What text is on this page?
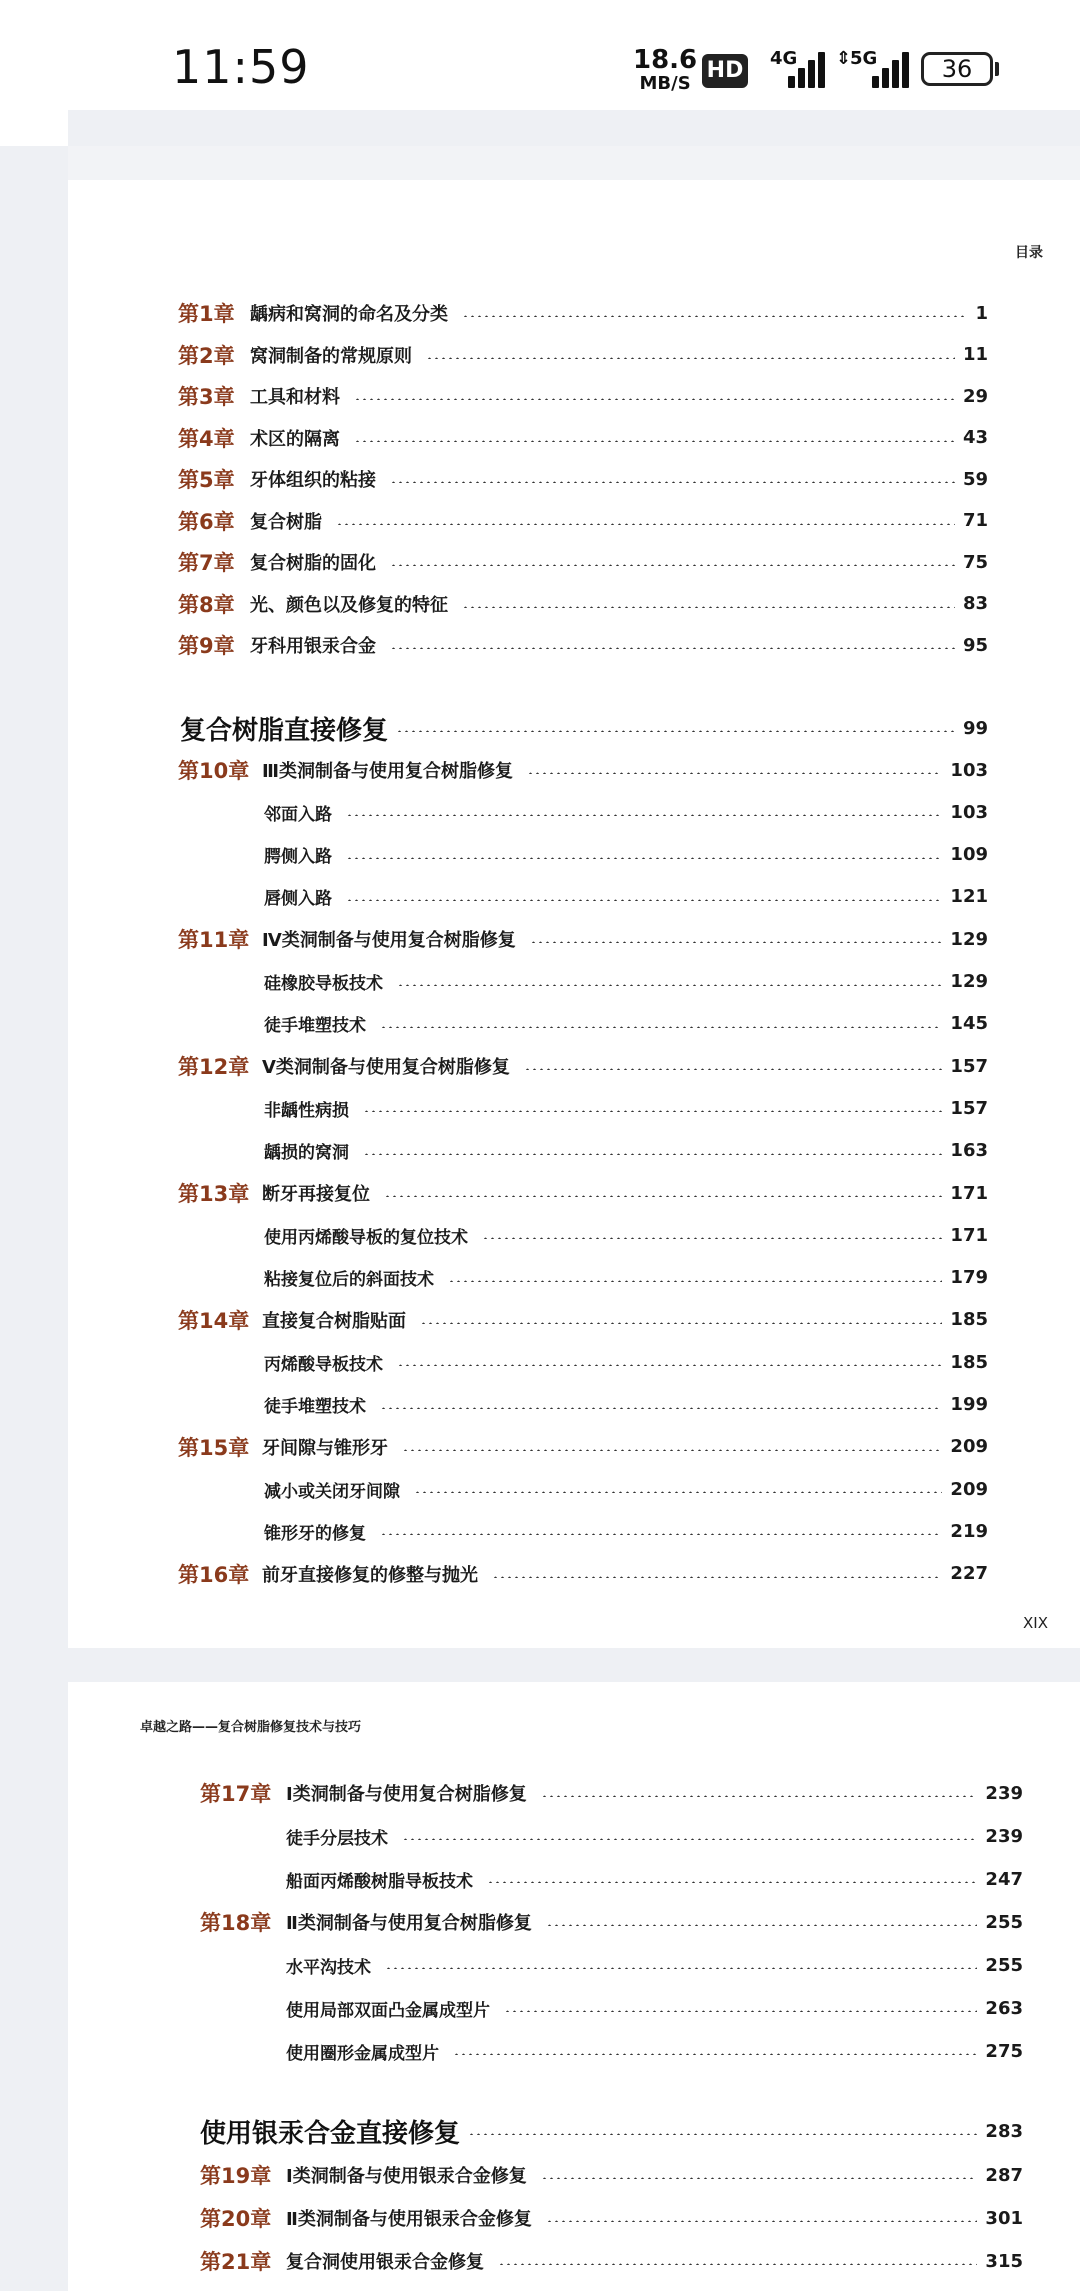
11:59	18.6
MB/S
HD 4G ⇕
5G	36
目录
第1章 龋病和窝洞的命名及分类	1
第2章 窝洞制备的常规原则	11
第3章 工具和材料	29
第4章 术区的隔离	43
第5章 牙体组织的粘接	59
第6章 复合树脂	71
第7章 复合树脂的固化	75
第8章 光、颜色以及修复的特征	83
第9章 牙科用银汞合金	95
复合树脂直接修复	99
第10章 Ⅲ类洞制备与使用复合树脂修复	103
邻面入路	103
腭侧入路	109
唇侧入路	121
第11章 Ⅳ类洞制备与使用复合树脂修复	129
硅橡胶导板技术	129
徒手堆塑技术	145
第12章 Ⅴ类洞制备与使用复合树脂修复	157
非龋性病损	157
龋损的窝洞	163
第13章 断牙再接复位	171
使用丙烯酸导板的复位技术	171
粘接复位后的斜面技术	179
第14章 直接复合树脂贴面	185
丙烯酸导板技术	185
徒手堆塑技术	199
第15章 牙间隙与锥形牙	209
减小或关闭牙间隙	209
锥形牙的修复	219
第16章 前牙直接修复的修整与抛光	227
XIX
卓越之路——复合树脂修复技术与技巧
第17章 Ⅰ类洞制备与使用复合树脂修复	239
徒手分层技术	239
船面丙烯酸树脂导板技术	247
第18章 Ⅱ类洞制备与使用复合树脂修复	255
水平沟技术	255
使用局部双面凸金属成型片	263
使用圈形金属成型片	275
使用银汞合金直接修复	283
第19章 Ⅰ类洞制备与使用银汞合金修复	287
第20章 Ⅱ类洞制备与使用银汞合金修复	301
第21章 复合洞使用银汞合金修复	315
